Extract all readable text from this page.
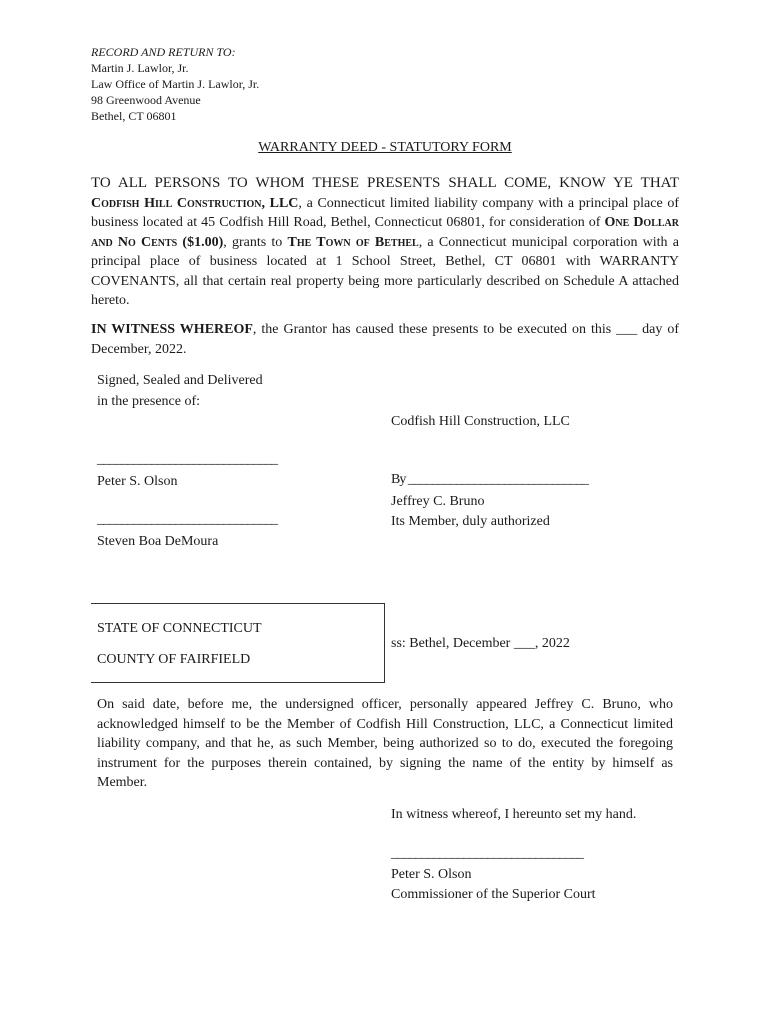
RECORD AND RETURN TO:
Martin J. Lawlor, Jr.
Law Office of Martin J. Lawlor, Jr.
98 Greenwood Avenue
Bethel, CT 06801
WARRANTY DEED - STATUTORY FORM
TO ALL PERSONS TO WHOM THESE PRESENTS SHALL COME, KNOW YE THAT Codfish Hill Construction, LLC, a Connecticut limited liability company with a principal place of business located at 45 Codfish Hill Road, Bethel, Connecticut 06801, for consideration of One Dollar and No Cents ($1.00), grants to The Town of Bethel, a Connecticut municipal corporation with a principal place of business located at 1 School Street, Bethel, CT 06801 with WARRANTY COVENANTS, all that certain real property being more particularly described on Schedule A attached hereto.
IN WITNESS WHEREOF, the Grantor has caused these presents to be executed on this ___ day of December, 2022.
Signed, Sealed and Delivered
in the presence of:
Codfish Hill Construction, LLC
______________________________
Peter S. Olson
______________________________
Steven Boa DeMoura
By ______________________________
Jeffrey C. Bruno
Its Member, duly authorized
STATE OF CONNECTICUT
COUNTY OF FAIRFIELD
ss: Bethel, December ___, 2022
On said date, before me, the undersigned officer, personally appeared Jeffrey C. Bruno, who acknowledged himself to be the Member of Codfish Hill Construction, LLC, a Connecticut limited liability company, and that he, as such Member, being authorized so to do, executed the foregoing instrument for the purposes therein contained, by signing the name of the entity by himself as Member.
In witness whereof, I hereunto set my hand.
________________________________
Peter S. Olson
Commissioner of the Superior Court
